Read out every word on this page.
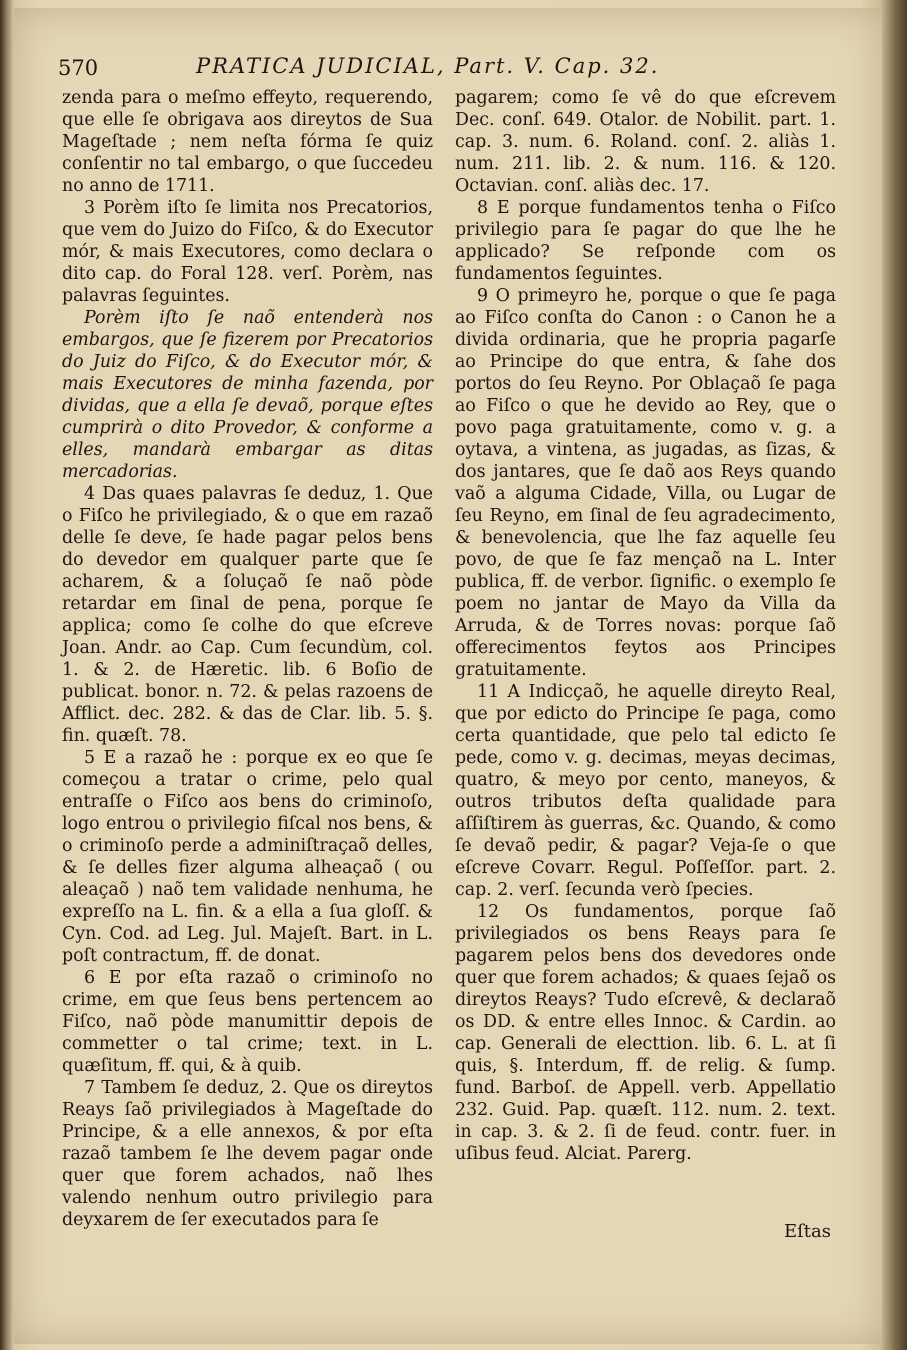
570	PRATICA JUDICIAL, Part. V. Cap. 32.

zenda para o meſmo effeyto, requerendo, que elle ſe obrigava aos direytos de Sua Mageſtade ; nem neſta fórma ſe quiz conſentir no tal embargo, o que ſuccedeu no anno de 1711.

3 Porèm iſto ſe limita nos Precatorios, que vem do Juizo do Fiſco, & do Executor mór, & mais Executores, como declara o dito cap. do Foral 128. verſ. Porèm, nas palavras ſeguintes.

Porèm iſto ſe naõ entenderà nos embargos, que ſe fizerem por Precatorios do Juiz do Fiſco, & do Executor mór, & mais Executores de minha fazenda, por dividas, que a ella ſe devaõ, porque eſtes cumprirà o dito Provedor, & conforme a elles, mandarà embargar as ditas mercadorias.

4 Das quaes palavras ſe deduz, 1. Que o Fiſco he privilegiado, & o que em razaõ delle ſe deve, ſe hade pagar pelos bens do devedor em qualquer parte que ſe acharem, & a ſoluçaõ ſe naõ pòde retardar em ſinal de pena, porque ſe applica; como ſe colhe do que eſcreve Joan. Andr. ao Cap. Cum ſecundùm, col. 1. & 2. de Hæretic. lib. 6 Boſio de publicat. bonor. n. 72. & pelas razoens de Afflict. dec. 282. & das de Clar. lib. 5. §. fin. quæſt. 78.

5 E a razaõ he : porque ex eo que ſe começou a tratar o crime, pelo qual entraſſe o Fiſco aos bens do criminoſo, logo entrou o privilegio fiſcal nos bens, & o criminoſo perde a adminiſtraçaõ delles, & ſe delles fizer alguma alheaçaõ ( ou aleaçaõ ) naõ tem validade nenhuma, he expreſſo na L. fin. & a ella a ſua gloſſ. & Cyn. Cod. ad Leg. Jul. Majeſt. Bart. in L. poſt contractum, ff. de donat.

6 E por eſta razaõ o criminoſo no crime, em que ſeus bens pertencem ao Fiſco, naõ pòde manumittir depois de commetter o tal crime; text. in L. quæſitum, ff. qui, & à quib.

7 Tambem ſe deduz, 2. Que os direytos Reays ſaõ privilegiados à Mageſtade do Principe, & a elle annexos, & por eſta razaõ tambem ſe lhe devem pagar onde quer que forem achados, naõ lhes valendo nenhum outro privilegio para deyxarem de ſer executados para ſe

pagarem; como ſe vê do que eſcrevem Dec. conſ. 649. Otalor. de Nobilit. part. 1. cap. 3. num. 6. Roland. conſ. 2. aliàs 1. num. 211. lib. 2. & num. 116. & 120. Octavian. conſ. aliàs dec. 17.

8 E porque fundamentos tenha o Fiſco privilegio para ſe pagar do que lhe he applicado? Se reſponde com os fundamentos ſeguintes.

9 O primeyro he, porque o que ſe paga ao Fiſco conſta do Canon : o Canon he a divida ordinaria, que he propria pagarſe ao Principe do que entra, & ſahe dos portos do ſeu Reyno. Por Oblaçaõ ſe paga ao Fiſco o que he devido ao Rey, que o povo paga gratuitamente, como v. g. a oytava, a vintena, as jugadas, as ſizas, & dos jantares, que ſe daõ aos Reys quando vaõ a alguma Cidade, Villa, ou Lugar de ſeu Reyno, em ſinal de ſeu agradecimento, & benevolencia, que lhe faz aquelle ſeu povo, de que ſe faz mençaõ na L. Inter publica, ff. de verbor. ſignific. o exemplo ſe poem no jantar de Mayo da Villa da Arruda, & de Torres novas: porque ſaõ offerecimentos feytos aos Principes gratuitamente.

11 A Indicçaõ, he aquelle direyto Real, que por edicto do Principe ſe paga, como certa quantidade, que pelo tal edicto ſe pede, como v. g. decimas, meyas decimas, quatro, & meyo por cento, maneyos, & outros tributos deſta qualidade para aſſiſtirem às guerras, &c. Quando, & como ſe devaõ pedir, & pagar? Veja-ſe o que eſcreve Covarr. Regul. Poſſeſſor. part. 2. cap. 2. verſ. ſecunda verò ſpecies.

12 Os fundamentos, porque ſaõ privilegiados os bens Reays para ſe pagarem pelos bens dos devedores onde quer que forem achados; & quaes ſejaõ os direytos Reays? Tudo eſcrevê, & declaraõ os DD. & entre elles Innoc. & Cardin. ao cap. Generali de electtion. lib. 6. L. at ſi quis, §. Interdum, ff. de relig. & ſump. fund. Barboſ. de Appell. verb. Appellatio 232. Guid. Pap. quæſt. 112. num. 2. text. in cap. 3. & 2. ſi de feud. contr. fuer. in uſibus feud. Alciat. Parerg.

Eſtas
